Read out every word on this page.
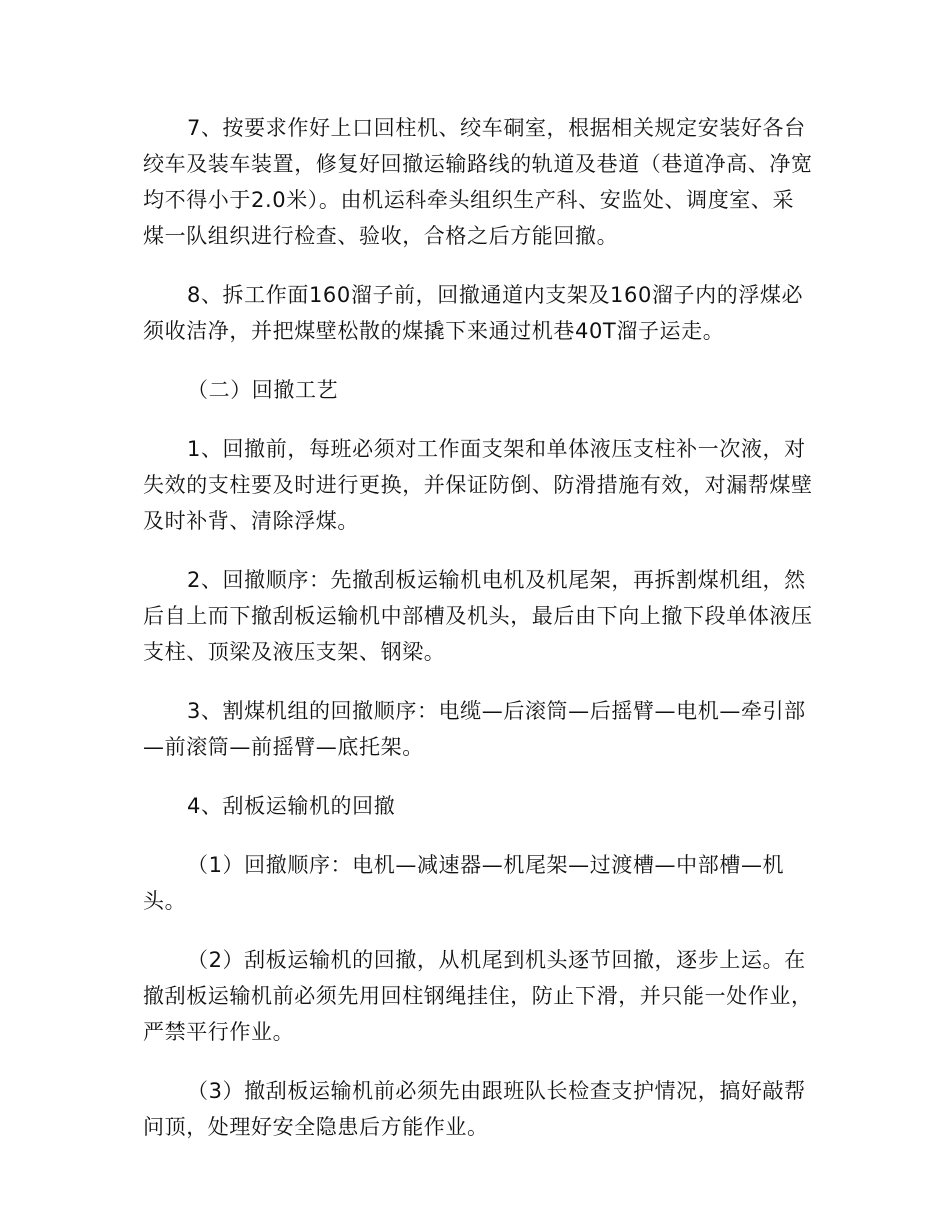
7、按要求作好上口回柱机、绞车硐室，根据相关规定安装好各台绞车及装车装置，修复好回撤运输路线的轨道及巷道（巷道净高、净宽均不得小于2.0米）。由机运科牵头组织生产科、安监处、调度室、采煤一队组织进行检查、验收，合格之后方能回撤。

8、拆工作面160溜子前，回撤通道内支架及160溜子内的浮煤必须收洁净，并把煤壁松散的煤撬下来通过机巷40T溜子运走。

（二）回撤工艺

1、回撤前，每班必须对工作面支架和单体液压支柱补一次液，对失效的支柱要及时进行更换，并保证防倒、防滑措施有效，对漏帮煤壁及时补背、清除浮煤。

2、回撤顺序：先撤刮板运输机电机及机尾架，再拆割煤机组，然后自上而下撤刮板运输机中部槽及机头，最后由下向上撤下段单体液压支柱、顶梁及液压支架、钢梁。

3、割煤机组的回撤顺序：电缆—后滚筒—后摇臂—电机—牵引部—前滚筒—前摇臂—底托架。

4、刮板运输机的回撤

（1）回撤顺序：电机—减速器—机尾架—过渡槽—中部槽—机头。

（2）刮板运输机的回撤，从机尾到机头逐节回撤，逐步上运。在撤刮板运输机前必须先用回柱钢绳挂住，防止下滑，并只能一处作业，严禁平行作业。

（3）撤刮板运输机前必须先由跟班队长检查支护情况，搞好敲帮问顶，处理好安全隐患后方能作业。
